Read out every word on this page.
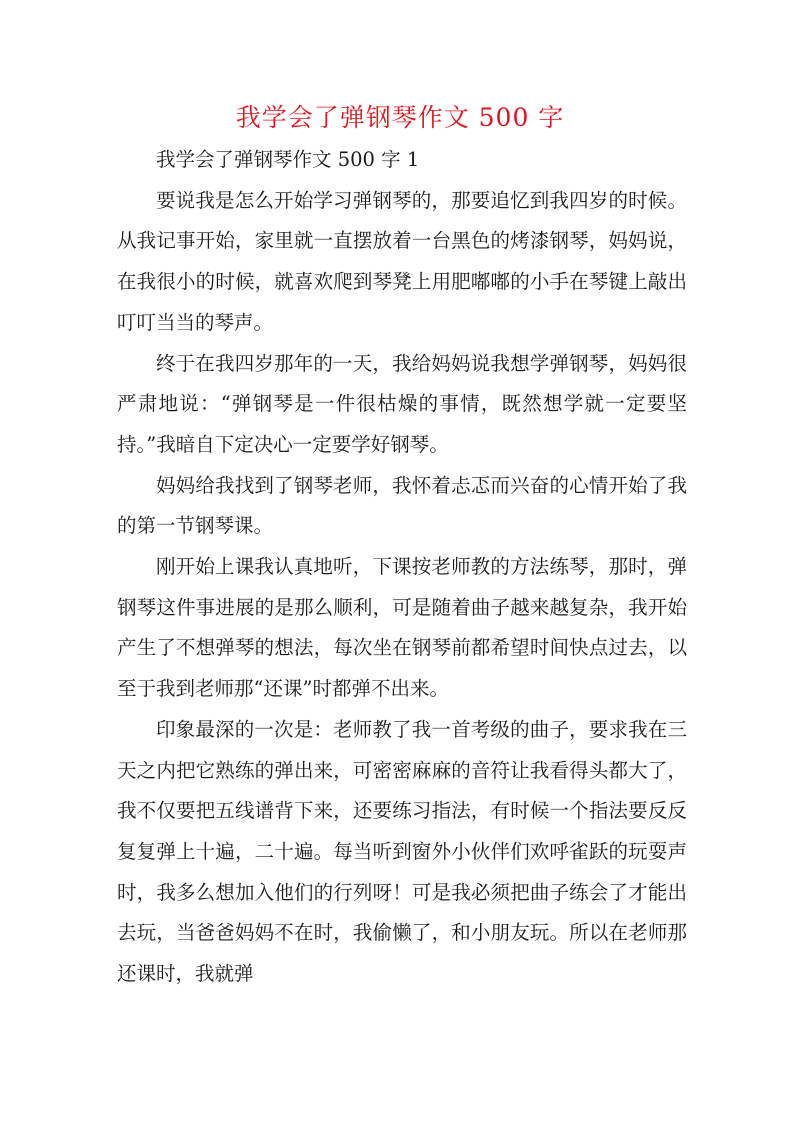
我学会了弹钢琴作文 500 字

我学会了弹钢琴作文 500 字 1

要说我是怎么开始学习弹钢琴的，那要追忆到我四岁的时候。从我记事开始，家里就一直摆放着一台黑色的烤漆钢琴，妈妈说，在我很小的时候，就喜欢爬到琴凳上用肥嘟嘟的小手在琴键上敲出叮叮当当的琴声。

终于在我四岁那年的一天，我给妈妈说我想学弹钢琴，妈妈很严肃地说：“弹钢琴是一件很枯燥的事情，既然想学就一定要坚持。”我暗自下定决心一定要学好钢琴。

妈妈给我找到了钢琴老师，我怀着忐忑而兴奋的心情开始了我的第一节钢琴课。

刚开始上课我认真地听，下课按老师教的方法练琴，那时，弹钢琴这件事进展的是那么顺利，可是随着曲子越来越复杂，我开始产生了不想弹琴的想法，每次坐在钢琴前都希望时间快点过去，以至于我到老师那“还课”时都弹不出来。

印象最深的一次是：老师教了我一首考级的曲子，要求我在三天之内把它熟练的弹出来，可密密麻麻的音符让我看得头都大了，我不仅要把五线谱背下来，还要练习指法，有时候一个指法要反反复复弹上十遍，二十遍。每当听到窗外小伙伴们欢呼雀跃的玩耍声时，我多么想加入他们的行列呀！可是我必须把曲子练会了才能出去玩，当爸爸妈妈不在时，我偷懒了，和小朋友玩。所以在老师那还课时，我就弹
